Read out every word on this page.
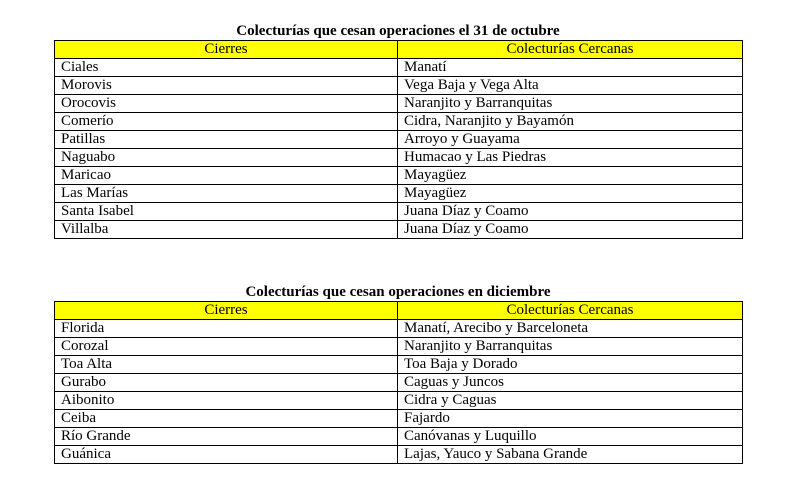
Colecturías que cesan operaciones el 31 de octubre
Cierres	Colecturías Cercanas
Ciales	Manatí
Morovis	Vega Baja y Vega Alta
Orocovis	Naranjito y Barranquitas
Comerío	Cidra, Naranjito y Bayamón
Patillas	Arroyo y Guayama
Naguabo	Humacao y Las Piedras
Maricao	Mayagüez
Las Marías	Mayagüez
Santa Isabel	Juana Díaz y Coamo
Villalba	Juana Díaz y Coamo
Colecturías que cesan operaciones en diciembre
Cierres	Colecturías Cercanas
Florida	Manatí, Arecibo y Barceloneta
Corozal	Naranjito y Barranquitas
Toa Alta	Toa Baja y Dorado
Gurabo	Caguas y Juncos
Aibonito	Cidra y Caguas
Ceiba	Fajardo
Río Grande	Canóvanas y Luquillo
Guánica	Lajas, Yauco y Sabana Grande
